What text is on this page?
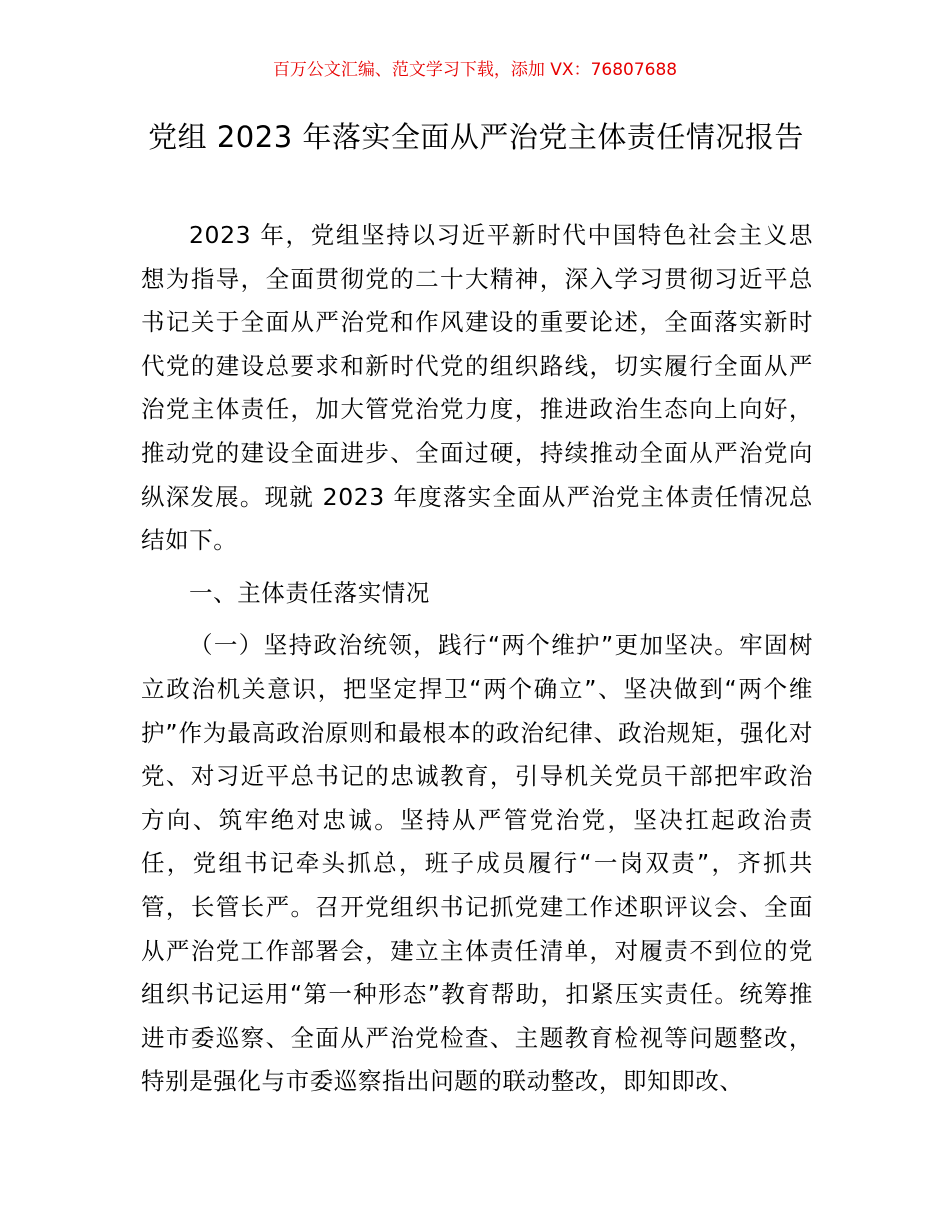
百万公文汇编、范文学习下载，添加 VX：76807688
党组 2023 年落实全面从严治党主体责任情况报告

2023 年，党组坚持以习近平新时代中国特色社会主义思想为指导，全面贯彻党的二十大精神，深入学习贯彻习近平总书记关于全面从严治党和作风建设的重要论述，全面落实新时代党的建设总要求和新时代党的组织路线，切实履行全面从严治党主体责任，加大管党治党力度，推进政治生态向上向好，推动党的建设全面进步、全面过硬，持续推动全面从严治党向纵深发展。现就 2023 年度落实全面从严治党主体责任情况总结如下。

一、主体责任落实情况

（一）坚持政治统领，践行“两个维护”更加坚决。牢固树立政治机关意识，把坚定捍卫“两个确立”、坚决做到“两个维护”作为最高政治原则和最根本的政治纪律、政治规矩，强化对党、对习近平总书记的忠诚教育，引导机关党员干部把牢政治方向、筑牢绝对忠诚。坚持从严管党治党，坚决扛起政治责任，党组书记牵头抓总，班子成员履行“一岗双责”，齐抓共管，长管长严。召开党组织书记抓党建工作述职评议会、全面从严治党工作部署会，建立主体责任清单，对履责不到位的党组织书记运用“第一种形态”教育帮助，扣紧压实责任。统筹推进市委巡察、全面从严治党检查、主题教育检视等问题整改，特别是强化与市委巡察指出问题的联动整改，即知即改、
